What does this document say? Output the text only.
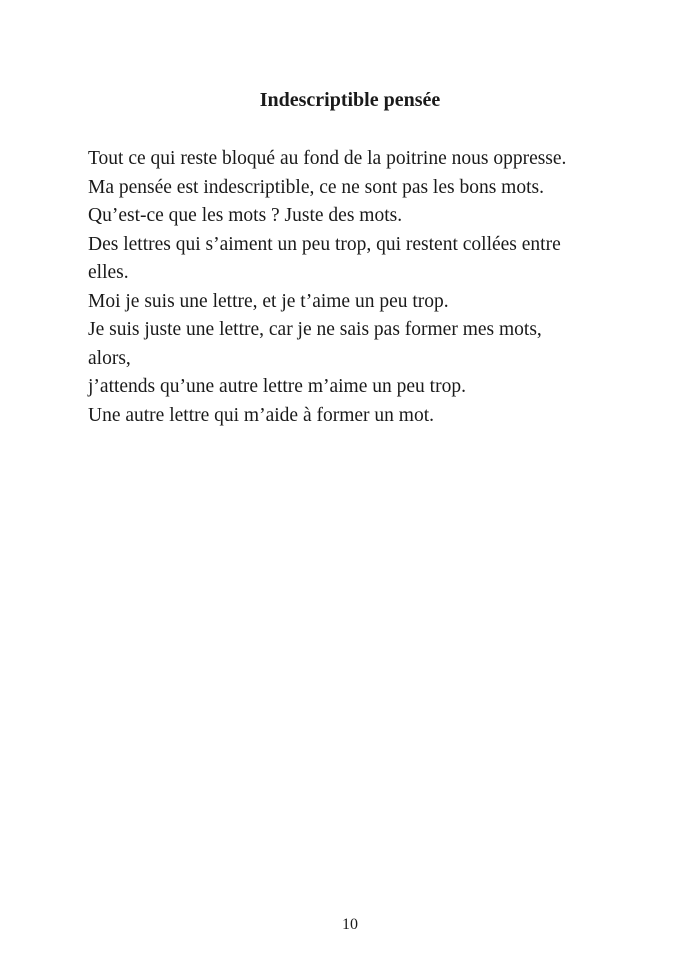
Indescriptible pensée
Tout ce qui reste bloqué au fond de la poitrine nous oppresse.
Ma pensée est indescriptible, ce ne sont pas les bons mots.
Qu’est-ce que les mots ? Juste des mots.
Des lettres qui s’aiment un peu trop, qui restent collées entre
elles.
Moi je suis une lettre, et je t’aime un peu trop.
Je suis juste une lettre, car je ne sais pas former mes mots,
alors,
j’attends qu’une autre lettre m’aime un peu trop.
Une autre lettre qui m’aide à former un mot.
10
